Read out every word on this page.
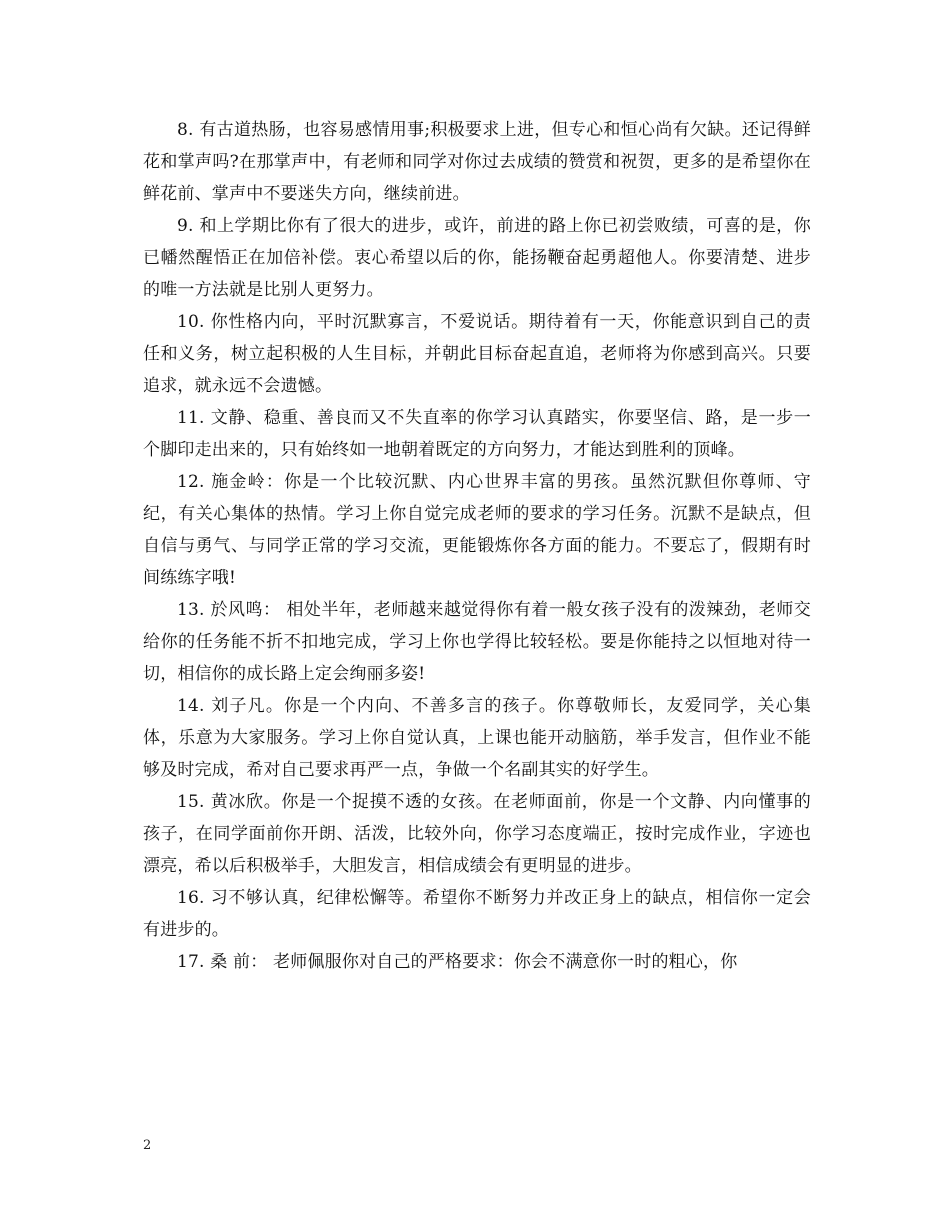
8. 有古道热肠，也容易感情用事;积极要求上进，但专心和恒心尚有欠缺。还记得鲜花和掌声吗?在那掌声中，有老师和同学对你过去成绩的赞赏和祝贺，更多的是希望你在鲜花前、掌声中不要迷失方向，继续前进。

9. 和上学期比你有了很大的进步，或许，前进的路上你已初尝败绩，可喜的是，你已幡然醒悟正在加倍补偿。衷心希望以后的你，能扬鞭奋起勇超他人。你要清楚、进步的唯一方法就是比别人更努力。

10. 你性格内向，平时沉默寡言，不爱说话。期待着有一天，你能意识到自己的责任和义务，树立起积极的人生目标，并朝此目标奋起直追，老师将为你感到高兴。只要追求，就永远不会遗憾。

11. 文静、稳重、善良而又不失直率的你学习认真踏实，你要坚信、路，是一步一个脚印走出来的，只有始终如一地朝着既定的方向努力，才能达到胜利的顶峰。

12. 施金岭：你是一个比较沉默、内心世界丰富的男孩。虽然沉默但你尊师、守纪，有关心集体的热情。学习上你自觉完成老师的要求的学习任务。沉默不是缺点，但自信与勇气、与同学正常的学习交流，更能锻炼你各方面的能力。不要忘了，假期有时间练练字哦!

13. 於风鸣： 相处半年，老师越来越觉得你有着一般女孩子没有的泼辣劲，老师交给你的任务能不折不扣地完成，学习上你也学得比较轻松。要是你能持之以恒地对待一切，相信你的成长路上定会绚丽多姿!

14. 刘子凡。你是一个内向、不善多言的孩子。你尊敬师长，友爱同学，关心集体，乐意为大家服务。学习上你自觉认真，上课也能开动脑筋，举手发言，但作业不能够及时完成，希对自己要求再严一点，争做一个名副其实的好学生。

15. 黄冰欣。你是一个捉摸不透的女孩。在老师面前，你是一个文静、内向懂事的孩子，在同学面前你开朗、活泼，比较外向，你学习态度端正，按时完成作业，字迹也漂亮，希以后积极举手，大胆发言，相信成绩会有更明显的进步。

16. 习不够认真，纪律松懈等。希望你不断努力并改正身上的缺点，相信你一定会有进步的。

17. 桑 前： 老师佩服你对自己的严格要求：你会不满意你一时的粗心，你

2
